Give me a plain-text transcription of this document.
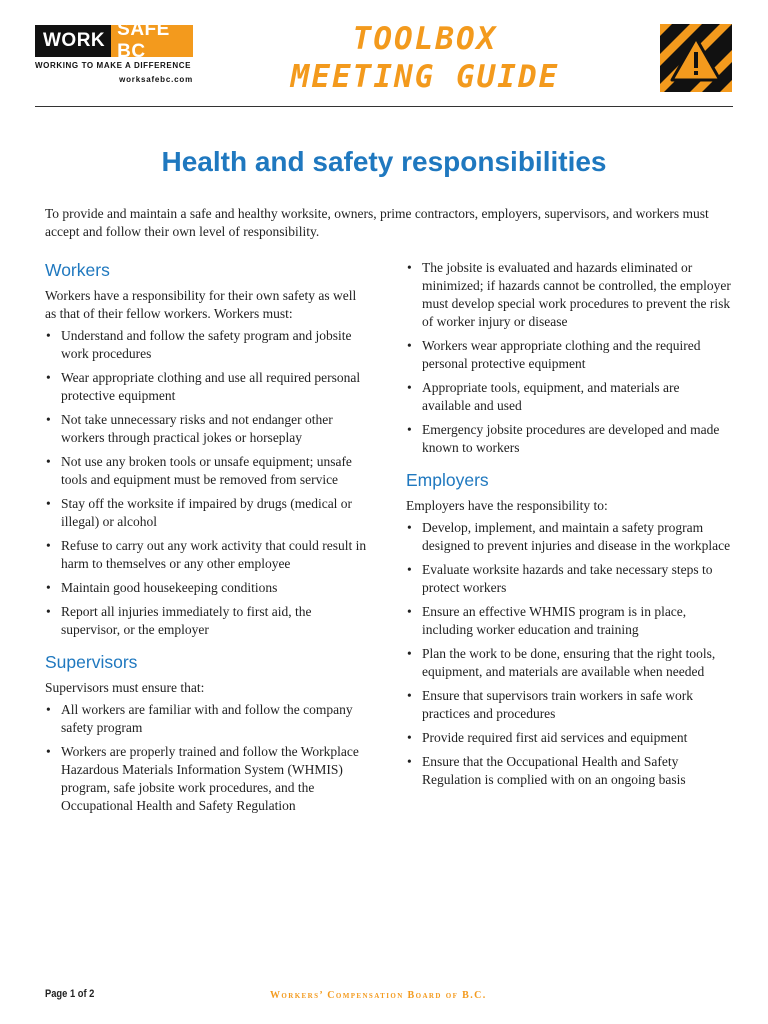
WORK
SAFE BC
WORKING TO MAKE A DIFFERENCE
worksafebc.com
TOOLBOX
MEETING GUIDE
Health and safety responsibilities
To provide and maintain a safe and healthy worksite, owners, prime contractors, employers, supervisors, and workers must accept and follow their own level of responsibility.
Workers

Workers have a responsibility for their own safety as well as that of their fellow workers. Workers must:

• Understand and follow the safety program and jobsite work procedures
• Wear appropriate clothing and use all required personal protective equipment
• Not take unnecessary risks and not endanger other workers through practical jokes or horseplay
• Not use any broken tools or unsafe equipment; unsafe tools and equipment must be removed from service
• Stay off the worksite if impaired by drugs (medical or illegal) or alcohol
• Refuse to carry out any work activity that could result in harm to themselves or any other employee
• Maintain good housekeeping conditions
• Report all injuries immediately to first aid, the supervisor, or the employer
Supervisors

Supervisors must ensure that:

• All workers are familiar with and follow the company safety program
• Workers are properly trained and follow the Workplace Hazardous Materials Information System (WHMIS) program, safe jobsite work procedures, and the Occupational Health and Safety Regulation
• The jobsite is evaluated and hazards eliminated or minimized; if hazards cannot be controlled, the employer must develop special work procedures to prevent the risk of worker injury or disease
• Workers wear appropriate clothing and the required personal protective equipment
• Appropriate tools, equipment, and materials are available and used
• Emergency jobsite procedures are developed and made known to workers
Employers

Employers have the responsibility to:

• Develop, implement, and maintain a safety program designed to prevent injuries and disease in the workplace
• Evaluate worksite hazards and take necessary steps to protect workers
• Ensure an effective WHMIS program is in place, including worker education and training
• Plan the work to be done, ensuring that the right tools, equipment, and materials are available when needed
• Ensure that supervisors train workers in safe work practices and procedures
• Provide required first aid services and equipment
• Ensure that the Occupational Health and Safety Regulation is complied with on an ongoing basis
Page 1 of 2	Workers’ Compensation Board of B.C.
